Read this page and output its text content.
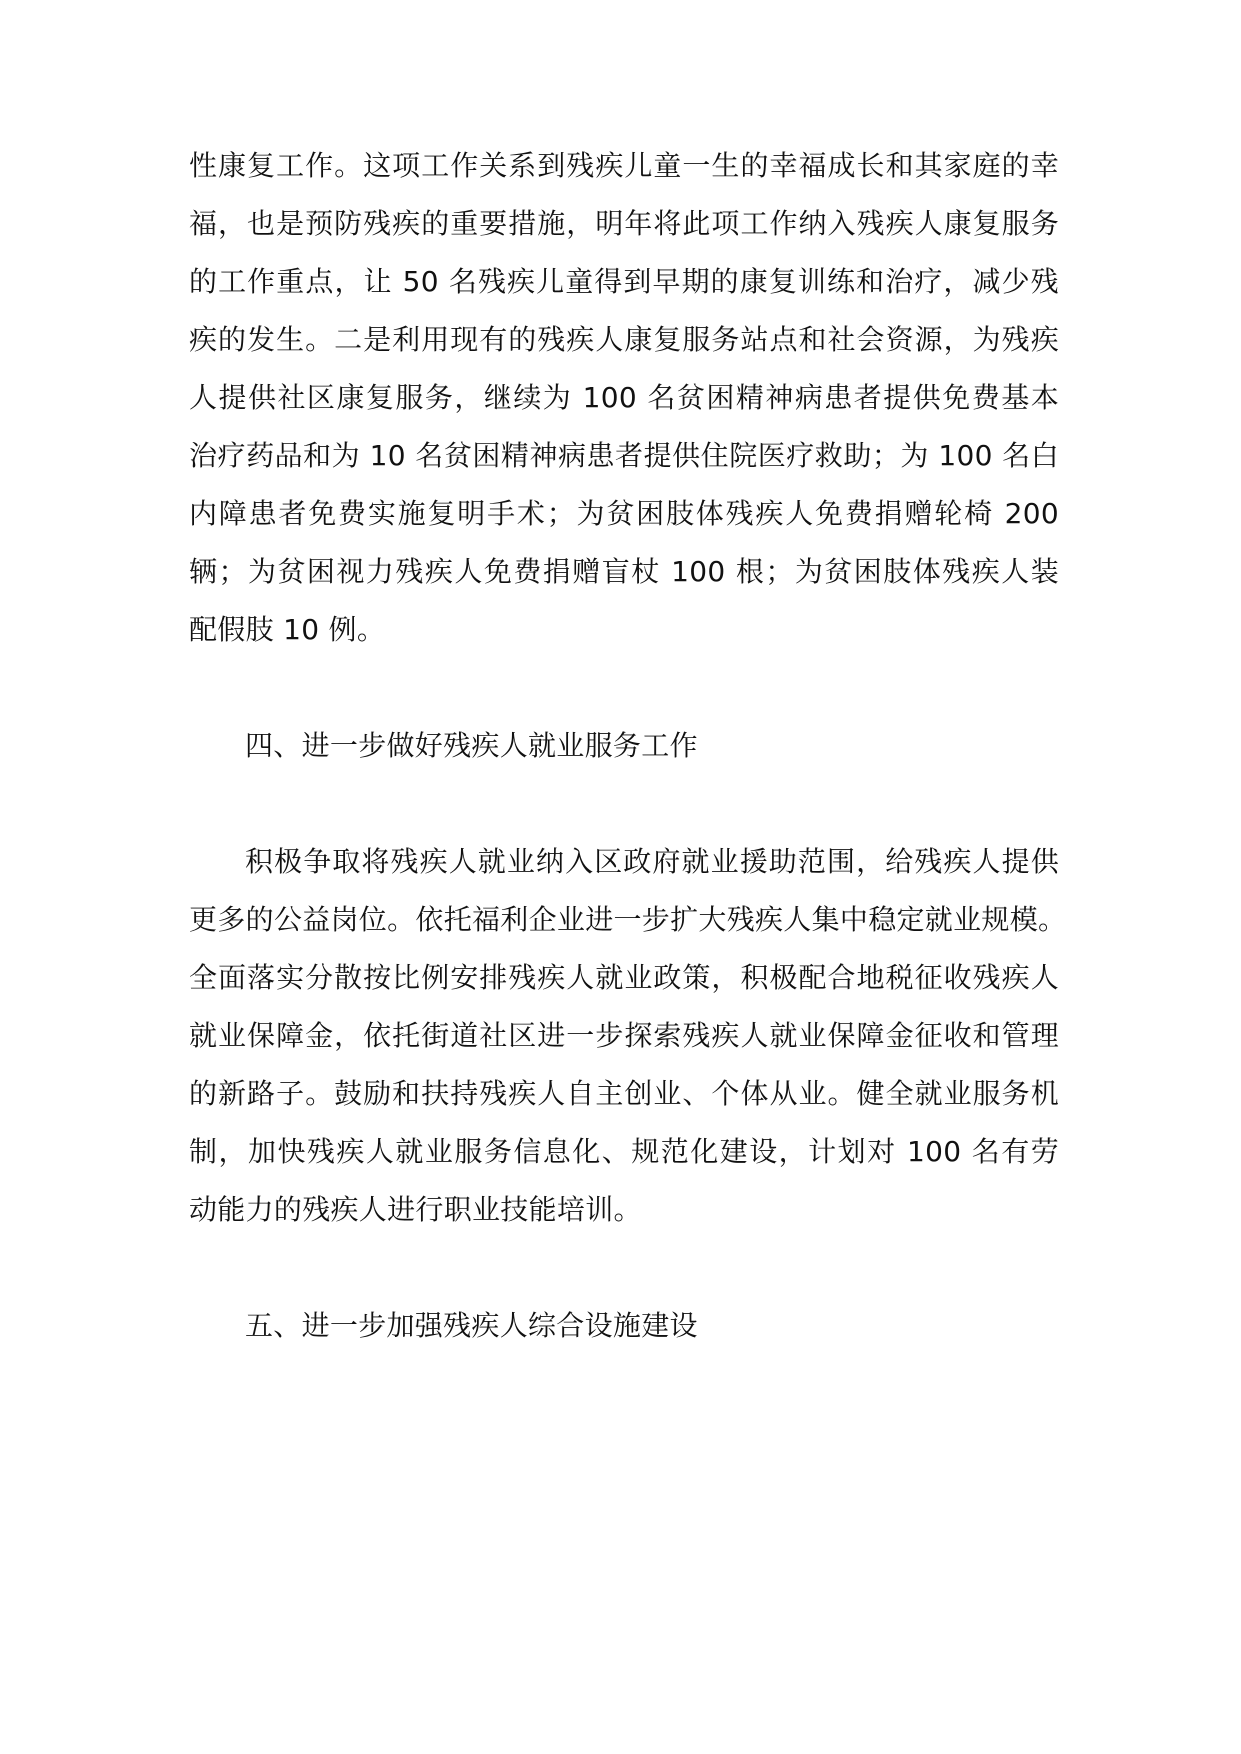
性康复工作。这项工作关系到残疾儿童一生的幸福成长和其家庭的幸
福，也是预防残疾的重要措施，明年将此项工作纳入残疾人康复服务
的工作重点，让 50 名残疾儿童得到早期的康复训练和治疗，减少残
疾的发生。二是利用现有的残疾人康复服务站点和社会资源，为残疾
人提供社区康复服务，继续为 100 名贫困精神病患者提供免费基本
治疗药品和为 10 名贫困精神病患者提供住院医疗救助；为 100 名白
内障患者免费实施复明手术；为贫困肢体残疾人免费捐赠轮椅 200
辆；为贫困视力残疾人免费捐赠盲杖 100 根；为贫困肢体残疾人装
配假肢 10 例。
四、进一步做好残疾人就业服务工作
积极争取将残疾人就业纳入区政府就业援助范围，给残疾人提供
更多的公益岗位。依托福利企业进一步扩大残疾人集中稳定就业规模。
全面落实分散按比例安排残疾人就业政策，积极配合地税征收残疾人
就业保障金，依托街道社区进一步探索残疾人就业保障金征收和管理
的新路子。鼓励和扶持残疾人自主创业、个体从业。健全就业服务机
制，加快残疾人就业服务信息化、规范化建设，计划对 100 名有劳
动能力的残疾人进行职业技能培训。
五、进一步加强残疾人综合设施建设
